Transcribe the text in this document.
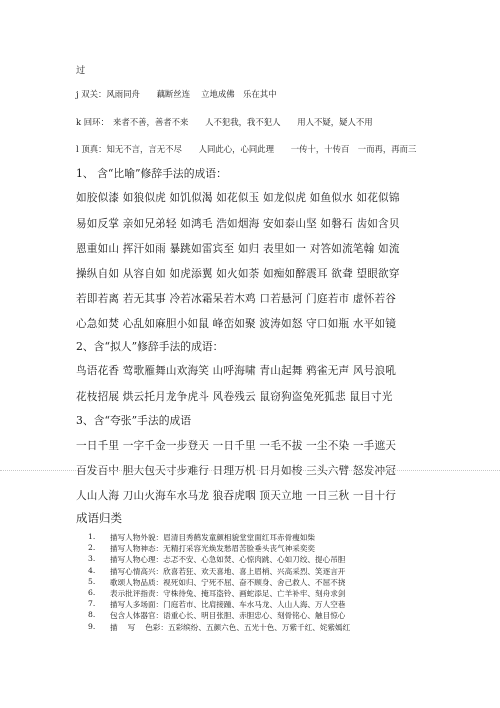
过
j 双关：风雨同舟　　藕断丝连　 立地成佛　乐在其中
k 回环：　来者不善，善者不来　　人不犯我，我不犯人　　用人不疑，疑人不用
l 顶真：知无不言，言无不尽　　人同此心，心同此理　　一传十，十传百　一而再，再而三
1、 含“比喻”修辞手法的成语：
如胶似漆 如狼似虎 如饥似渴 如花似玉 如龙似虎 如鱼似水 如花似锦
易如反掌 亲如兄弟轻 如鸿毛 浩如烟海 安如泰山坚 如磐石 齿如含贝
恩重如山 挥汗如雨 暴跳如雷宾至 如归 表里如一 对答如流笔翰 如流
操纵自如 从容自如 如虎添翼 如火如荼 如痴如醉震耳 欲聋 望眼欲穿
若即若离 若无其事 冷若冰霜呆若木鸡 口若悬河 门庭若市 虚怀若谷
心急如焚 心乱如麻胆小如鼠 峰峦如聚 波涛如怒 守口如瓶 水平如镜
2、含“拟人”修辞手法的成语：
鸟语花香 莺歌雁舞山欢海笑 山呼海啸 青山起舞 鸦雀无声 风号浪吼
花枝招展 烘云托月龙争虎斗 风卷残云 鼠窃狗盗兔死狐悲 鼠目寸光
3、含“夸张”手法的成语
一日千里 一字千金一步登天 一日千里 一毛不拔 一尘不染 一手遮天
百发百中 胆大包天寸步难行 日理万机 日月如梭 三头六臂 怒发冲冠
人山人海 刀山火海车水马龙 狼吞虎咽 顶天立地 一日三秋 一目十行
成语归类
1.	描写人物外貌：眉清目秀鹤发童颜相貌堂堂面红耳赤骨瘦如柴
2.	描写人物神态：无精打采容光焕发愁眉苦脸垂头丧气神采奕奕
3.	描写人物心理：忐忑不安、心急如焚、心惊肉跳、心如刀绞、提心吊胆
4.	描写心情高兴：欣喜若狂、欢天喜地、喜上眉梢、兴高采烈、笑逐言开
5.	歌颂人物品质：视死如归、宁死不屈、奋不顾身、舍己救人、不屈不挠
6.	表示批评指责：守株待兔、掩耳盗铃、画蛇添足、亡羊补牢、刻舟求剑
7.	描写人多场面：门庭若市、比肩接踵、车水马龙、人山人海、万人空巷
8.	包含人体器官：语重心长、明目张胆、赤胆忠心、刻骨铭心、触目惊心
9.	描　 写　 色彩：五彩缤纷、五颜六色、五光十色、万紫千红、姹紫嫣红
